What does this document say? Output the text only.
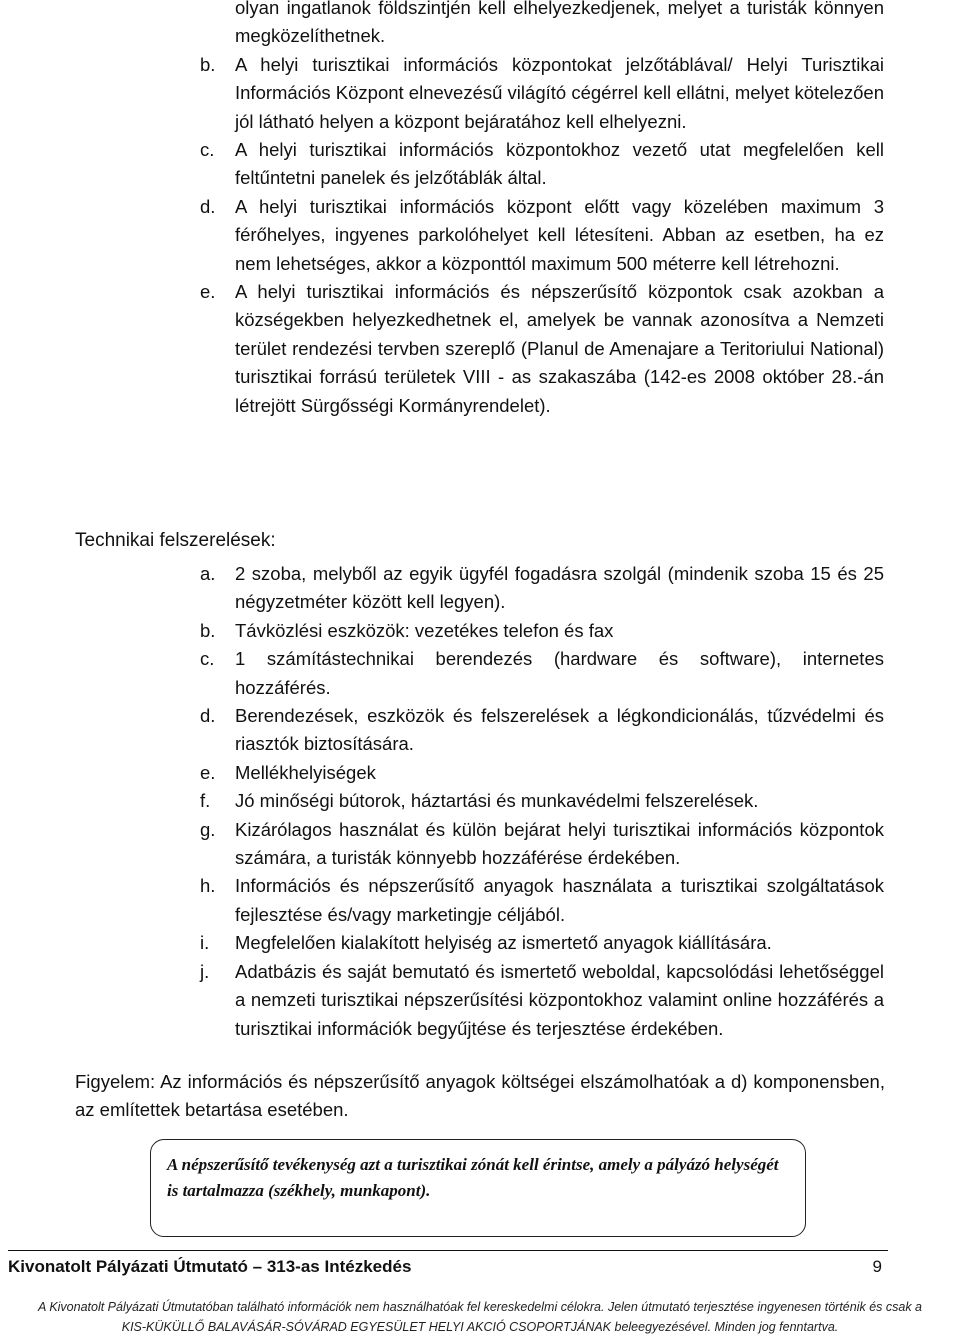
olyan ingatlanok földszintjén kell elhelyezkedjenek, melyet a turisták könnyen megközelíthetnek.
b.	A helyi turisztikai információs központokat jelzőtáblával/ Helyi Turisztikai Információs Központ elnevezésű világító cégérrel kell ellátni, melyet kötelezően jól látható helyen a központ bejáratához kell elhelyezni.
c.	A helyi turisztikai információs központokhoz vezető utat megfelelően kell feltűntetni panelek és jelzőtáblák által.
d.	A helyi turisztikai információs központ előtt vagy közelében maximum 3 férőhelyes, ingyenes parkolóhelyet kell létesíteni. Abban az esetben, ha ez nem lehetséges, akkor a központtól maximum 500 méterre kell létrehozni.
e.	A helyi turisztikai információs és népszerűsítő központok csak azokban a községekben helyezkedhetnek el, amelyek be vannak azonosítva a Nemzeti terület rendezési tervben szereplő (Planul de Amenajare a Teritoriului National) turisztikai forrású területek VIII - as szakaszába (142-es 2008 október 28.-án létrejött Sürgősségi Kormányrendelet).
Technikai felszerelések:
a.	2 szoba, melyből az egyik ügyfél fogadásra szolgál (mindenik szoba 15 és 25 négyzetméter között kell legyen).
b.	Távközlési eszközök: vezetékes telefon és fax
c.	1 számítástechnikai berendezés (hardware és software), internetes hozzáférés.
d.	Berendezések, eszközök és felszerelések a légkondicionálás, tűzvédelmi és riasztók biztosítására.
e.	Mellékhelyiségek
f.	Jó minőségi bútorok, háztartási és munkavédelmi felszerelések.
g.	Kizárólagos használat és külön bejárat helyi turisztikai információs központok számára, a turisták könnyebb hozzáférése érdekében.
h.	Információs és népszerűsítő anyagok használata a turisztikai szolgáltatások fejlesztése és/vagy marketingje céljából.
i.	Megfelelően kialakított helyiség az ismertető anyagok kiállítására.
j.	Adatbázis és saját bemutató és ismertető weboldal, kapcsolódási lehetőséggel a nemzeti turisztikai népszerűsítési központokhoz valamint online hozzáférés a turisztikai információk begyűjtése és terjesztése érdekében.
Figyelem: Az információs és népszerűsítő anyagok költségei elszámolhatóak a d) komponensben, az említettek betartása esetében.
A népszerűsítő tevékenység azt a turisztikai zónát kell érintse, amely a pályázó helységét is tartalmazza (székhely, munkapont).
Kivonatolt Pályázati Útmutató – 313-as Intézkedés	9
A Kivonatolt Pályázati Útmutatóban található információk nem használhatóak fel kereskedelmi célokra. Jelen útmutató terjesztése ingyenesen történik és csak a
KIS-KÜKÜLLŐ BALAVÁSÁR-SÓVÁRAD EGYESÜLET HELYI AKCIÓ CSOPORTJÁNAK beleegyezésével. Minden jog fenntartva.
